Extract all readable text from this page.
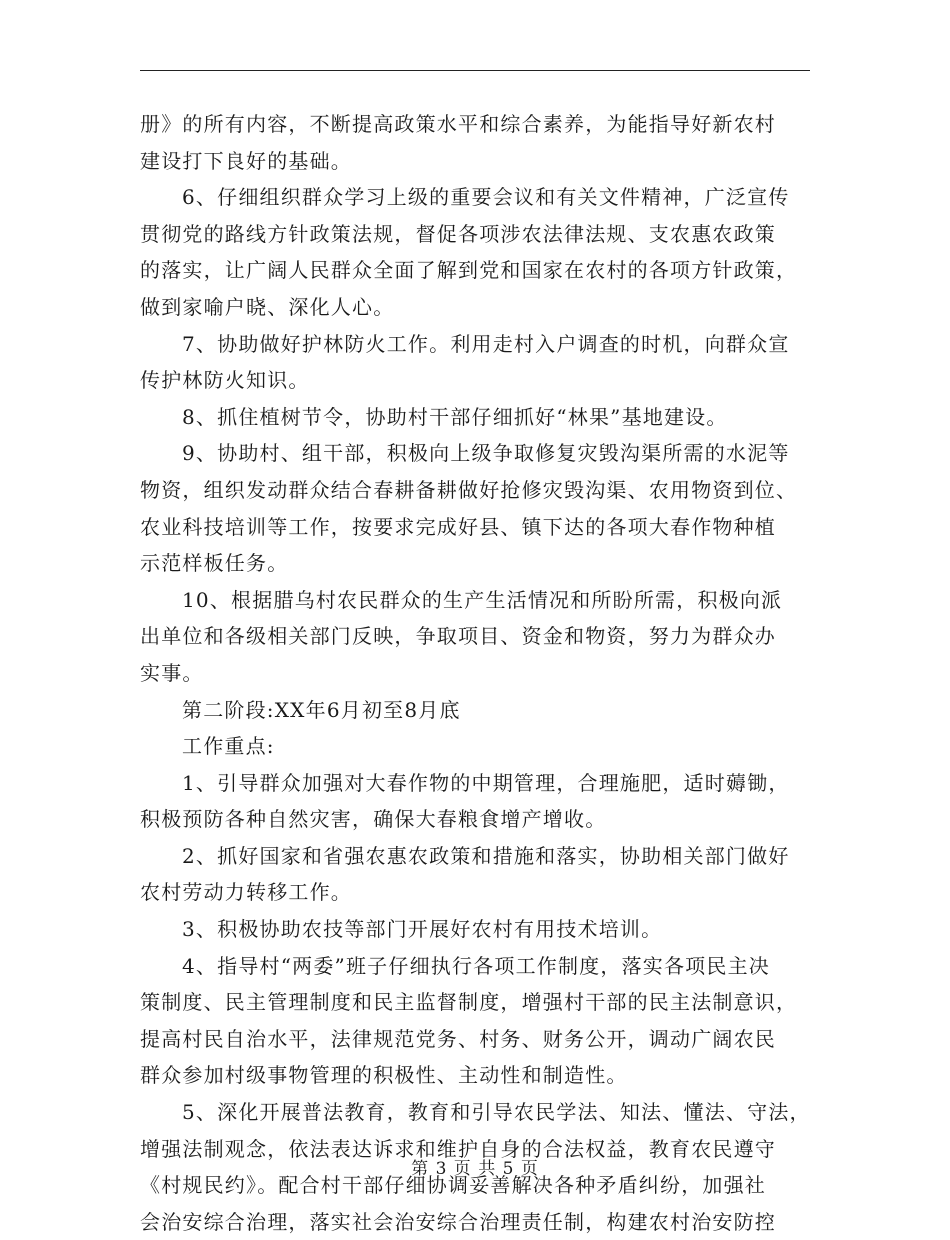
册》的所有内容，不断提高政策水平和综合素养，为能指导好新农村
建设打下良好的基础。
6、仔细组织群众学习上级的重要会议和有关文件精神，广泛宣传
贯彻党的路线方针政策法规，督促各项涉农法律法规、支农惠农政策
的落实，让广阔人民群众全面了解到党和国家在农村的各项方针政策，
做到家喻户晓、深化人心。
7、协助做好护林防火工作。利用走村入户调查的时机，向群众宣
传护林防火知识。
8、抓住植树节令，协助村干部仔细抓好“林果”基地建设。
9、协助村、组干部，积极向上级争取修复灾毁沟渠所需的水泥等
物资，组织发动群众结合春耕备耕做好抢修灾毁沟渠、农用物资到位、
农业科技培训等工作，按要求完成好县、镇下达的各项大春作物种植
示范样板任务。
10、根据腊乌村农民群众的生产生活情况和所盼所需，积极向派
出单位和各级相关部门反映，争取项目、资金和物资，努力为群众办
实事。
第二阶段:XX年6月初至8月底
工作重点:
1、引导群众加强对大春作物的中期管理，合理施肥，适时薅锄，
积极预防各种自然灾害，确保大春粮食增产增收。
2、抓好国家和省强农惠农政策和措施和落实，协助相关部门做好
农村劳动力转移工作。
3、积极协助农技等部门开展好农村有用技术培训。
4、指导村“两委”班子仔细执行各项工作制度，落实各项民主决
策制度、民主管理制度和民主监督制度，增强村干部的民主法制意识，
提高村民自治水平，法律规范党务、村务、财务公开，调动广阔农民
群众参加村级事物管理的积极性、主动性和制造性。
5、深化开展普法教育，教育和引导农民学法、知法、懂法、守法，
增强法制观念，依法表达诉求和维护自身的合法权益，教育农民遵守
《村规民约》。配合村干部仔细协调妥善解决各种矛盾纠纷，加强社
会治安综合治理，落实社会治安综合治理责任制，构建农村治安防控
第 3 页 共 5 页
